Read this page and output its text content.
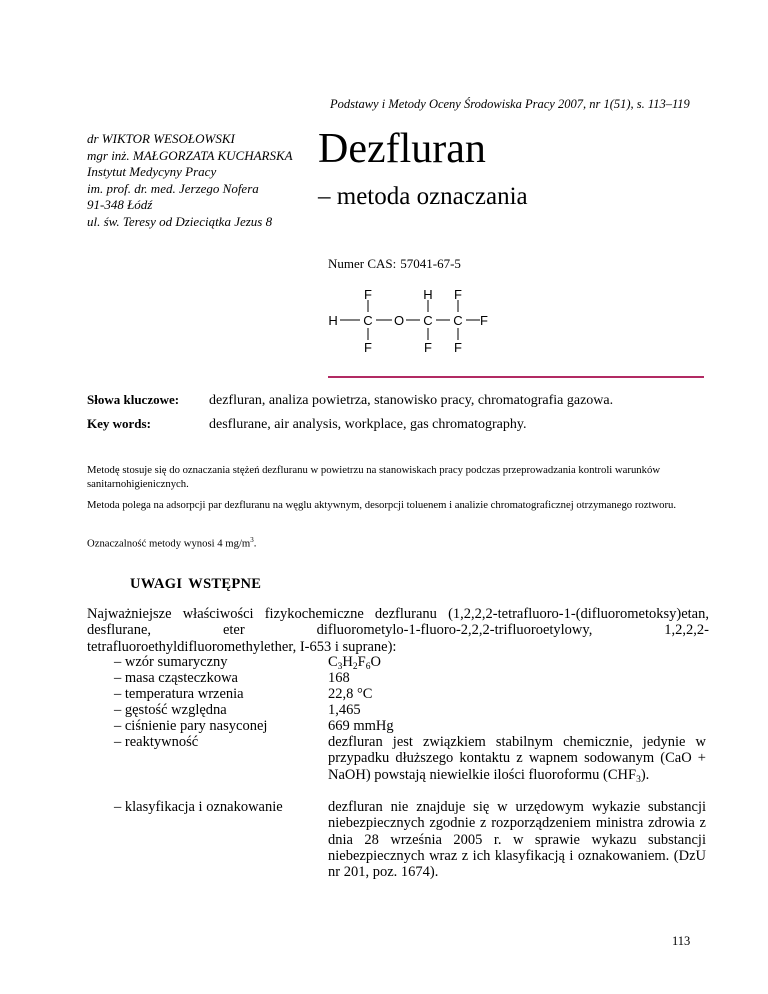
Podstawy i Metody Oceny Środowiska Pracy 2007, nr 1(51), s. 113–119
dr WIKTOR WESOŁOWSKI
mgr inż. MAŁGORZATA KUCHARSKA
Instytut Medycyny Pracy
im. prof. dr. med. Jerzego Nofera
91-348 Łódź
ul. św. Teresy od Dzieciątka Jezus 8
Dezfluran
– metoda oznaczania
Numer CAS: 57041-67-5
F	H F
H C O C C F
F	F F
Słowa kluczowe: dezfluran, analiza powietrza, stanowisko pracy, chromatografia gazowa.
Key words:	desflurane, air analysis, workplace, gas chromatography.
Metodę stosuje się do oznaczania stężeń dezfluranu w powietrzu na stanowiskach pracy podczas przeprowadzania kontroli warunków sanitarnohigienicznych.
Metoda polega na adsorpcji par dezfluranu na węglu aktywnym, desorpcji toluenem i analizie chromatograficznej otrzymanego roztworu.
Oznaczalność metody wynosi 4 $mg/m^3$.
UWAGI WSTĘPNE
Najważniejsze właściwości fizykochemiczne dezfluranu (1,2,2,2-tetrafluoro-1-(difluorometoksy)etan, desflurane, eter difluorometylo-1-fluoro-2,2,2-trifluoroetylowy, 1,2,2,2-tetrafluoroethyldifluoromethylether, I-653 i suprane):
– wzór sumaryczny	$C_3H_2F_6O$
– masa cząsteczkowa	168
– temperatura wrzenia	22,8 °C
– gęstość względna	1,465
– ciśnienie pary nasyconej	669 mmHg
– reaktywność	dezfluran jest związkiem stabilnym chemicznie, jedynie w przypadku dłuższego kontaktu z wapnem sodowanym (CaO + NaOH) powstają niewielkie ilości fluoroformu $(CHF_3)$.
– klasyfikacja i oznakowanie	dezfluran nie znajduje się w urzędowym wykazie substancji niebezpiecznych zgodnie z rozporządzeniem ministra zdrowia z dnia 28 września 2005 r. w sprawie wykazu substancji niebezpiecznych wraz z ich klasyfikacją i oznakowaniem. (DzU nr 201, poz. 1674).
113
